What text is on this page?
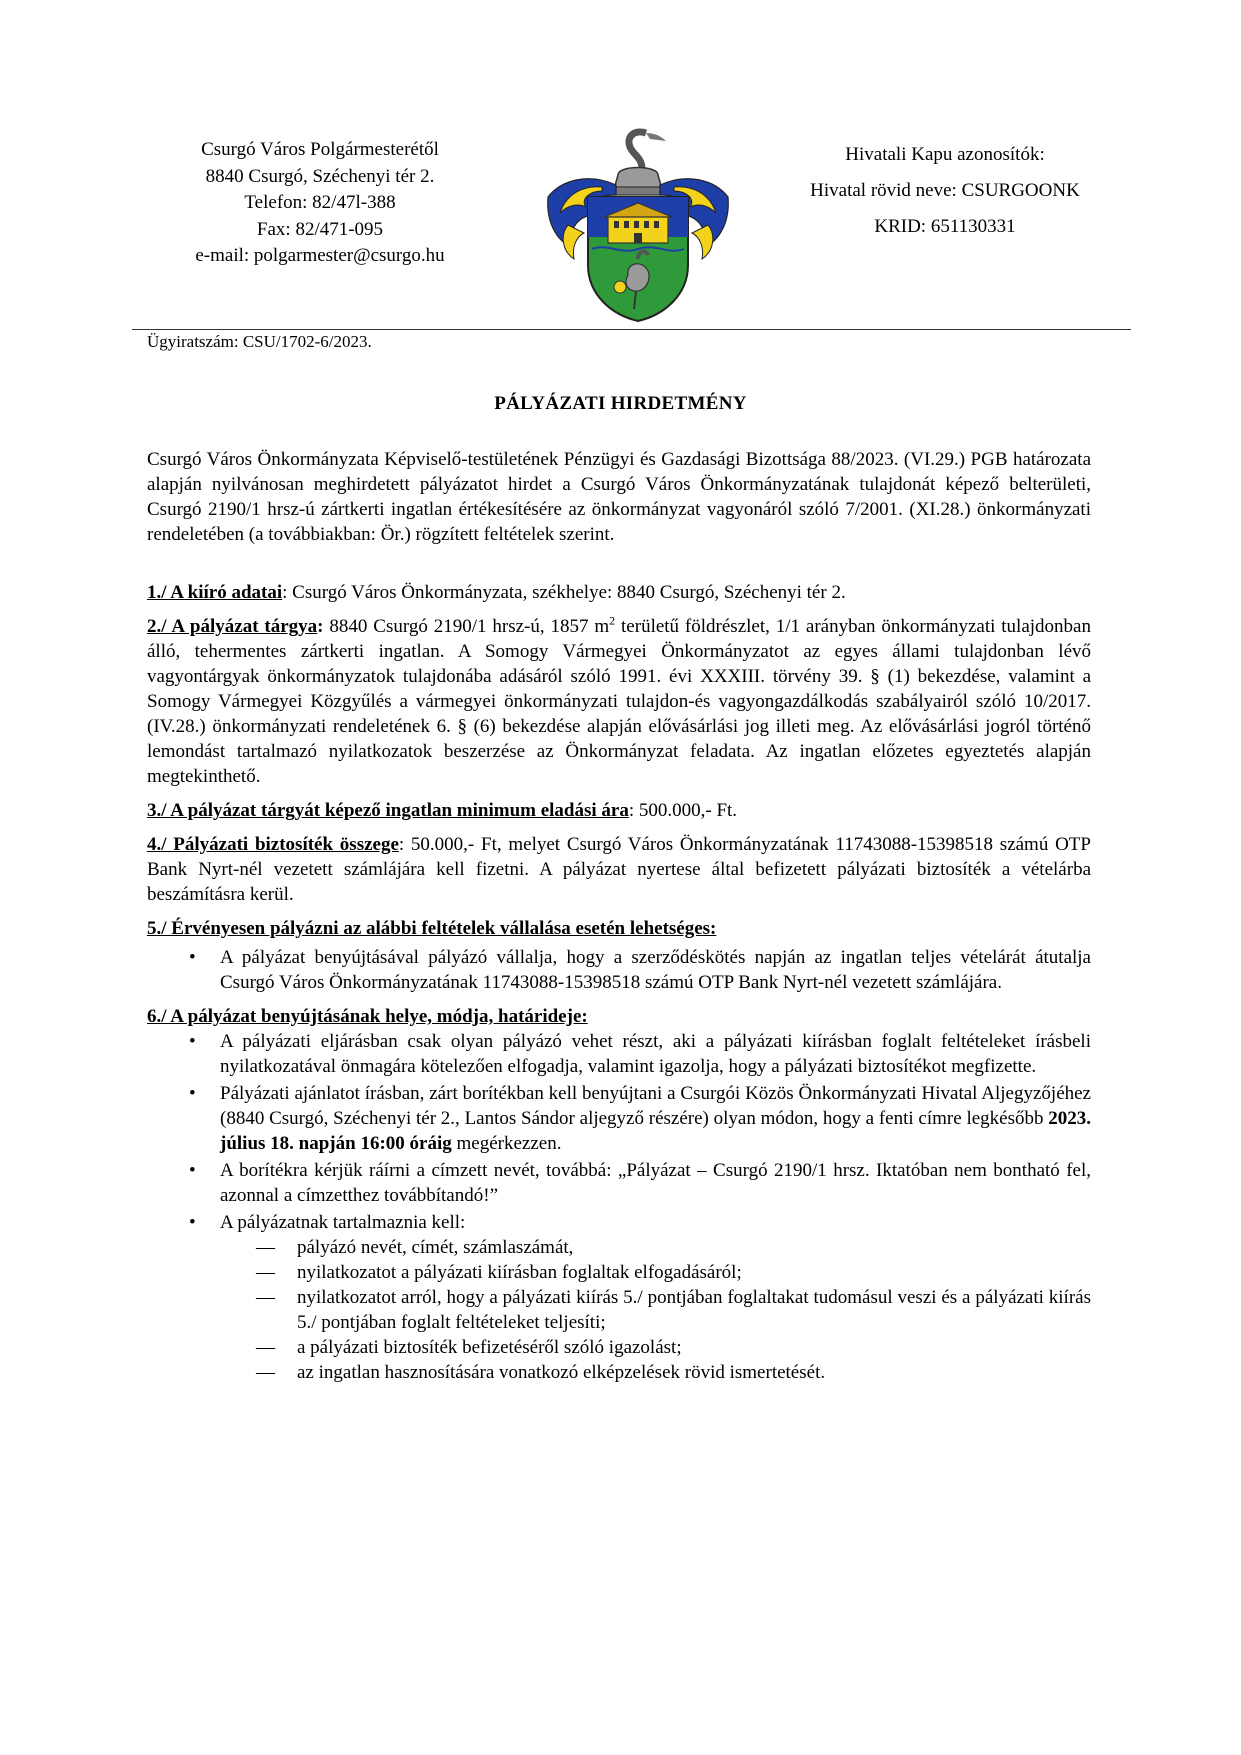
Csurgó Város Polgármesterétől
8840 Csurgó, Széchenyi tér 2.
Telefon: 82/47l-388
Fax: 82/471-095
e-mail: polgarmester@csurgo.hu
Hivatali Kapu azonosítók:
Hivatal rövid neve: CSURGOONK
KRID: 651130331
Ügyiratszám: CSU/1702-6/2023.
PÁLYÁZATI HIRDETMÉNY

Csurgó Város Önkormányzata Képviselő-testületének Pénzügyi és Gazdasági Bizottsága 88/2023. (VI.29.) PGB határozata alapján nyilvánosan meghirdetett pályázatot hirdet a Csurgó Város Önkormányzatának tulajdonát képező belterületi, Csurgó 2190/1 hrsz-ú zártkerti ingatlan értékesítésére az önkormányzat vagyonáról szóló 7/2001. (XI.28.) önkormányzati rendeletében (a továbbiakban: Ör.) rögzített feltételek szerint.

1./ A kiíró adatai: Csurgó Város Önkormányzata, székhelye: 8840 Csurgó, Széchenyi tér 2.

2./ A pályázat tárgya: 8840 Csurgó 2190/1 hrsz-ú, 1857 $m^2$ területű földrészlet, 1/1 arányban önkormányzati tulajdonban álló, tehermentes zártkerti ingatlan. A Somogy Vármegyei Önkormányzatot az egyes állami tulajdonban lévő vagyontárgyak önkormányzatok tulajdonába adásáról szóló 1991. évi XXXIII. törvény 39. § (1) bekezdése, valamint a Somogy Vármegyei Közgyűlés a vármegyei önkormányzati tulajdon-és vagyongazdálkodás szabályairól szóló 10/2017.(IV.28.) önkormányzati rendeletének 6. § (6) bekezdése alapján elővásárlási jog illeti meg. Az elővásárlási jogról történő lemondást tartalmazó nyilatkozatok beszerzése az Önkormányzat feladata. Az ingatlan előzetes egyeztetés alapján megtekinthető.

3./ A pályázat tárgyát képező ingatlan minimum eladási ára: 500.000,- Ft.

4./ Pályázati biztosíték összege: 50.000,- Ft, melyet Csurgó Város Önkormányzatának 11743088-15398518 számú OTP Bank Nyrt-nél vezetett számlájára kell fizetni. A pályázat nyertese által befizetett pályázati biztosíték a vételárba beszámításra kerül.

5./ Érvényesen pályázni az alábbi feltételek vállalása esetén lehetséges:

• A pályázat benyújtásával pályázó vállalja, hogy a szerződéskötés napján az ingatlan teljes vételárát átutalja Csurgó Város Önkormányzatának 11743088-15398518 számú OTP Bank Nyrt-nél vezetett számlájára.

6./ A pályázat benyújtásának helye, módja, határideje:

• A pályázati eljárásban csak olyan pályázó vehet részt, aki a pályázati kiírásban foglalt feltételeket írásbeli nyilatkozatával önmagára kötelezően elfogadja, valamint igazolja, hogy a pályázati biztosítékot megfizette.
• Pályázati ajánlatot írásban, zárt borítékban kell benyújtani a Csurgói Közös Önkormányzati Hivatal Aljegyzőjéhez (8840 Csurgó, Széchenyi tér 2., Lantos Sándor aljegyző részére) olyan módon, hogy a fenti címre legkésőbb 2023. július 18. napján 16:00 óráig megérkezzen.
• A borítékra kérjük ráírni a címzett nevét, továbbá: „Pályázat – Csurgó 2190/1 hrsz. Iktatóban nem bontható fel, azonnal a címzetthez továbbítandó!”
• A pályázatnak tartalmaznia kell:
— pályázó nevét, címét, számlaszámát,
— nyilatkozatot a pályázati kiírásban foglaltak elfogadásáról;
— nyilatkozatot arról, hogy a pályázati kiírás 5./ pontjában foglaltakat tudomásul veszi és a pályázati kiírás 5./ pontjában foglalt feltételeket teljesíti;
— a pályázati biztosíték befizetéséről szóló igazolást;
— az ingatlan hasznosítására vonatkozó elképzelések rövid ismertetését.
